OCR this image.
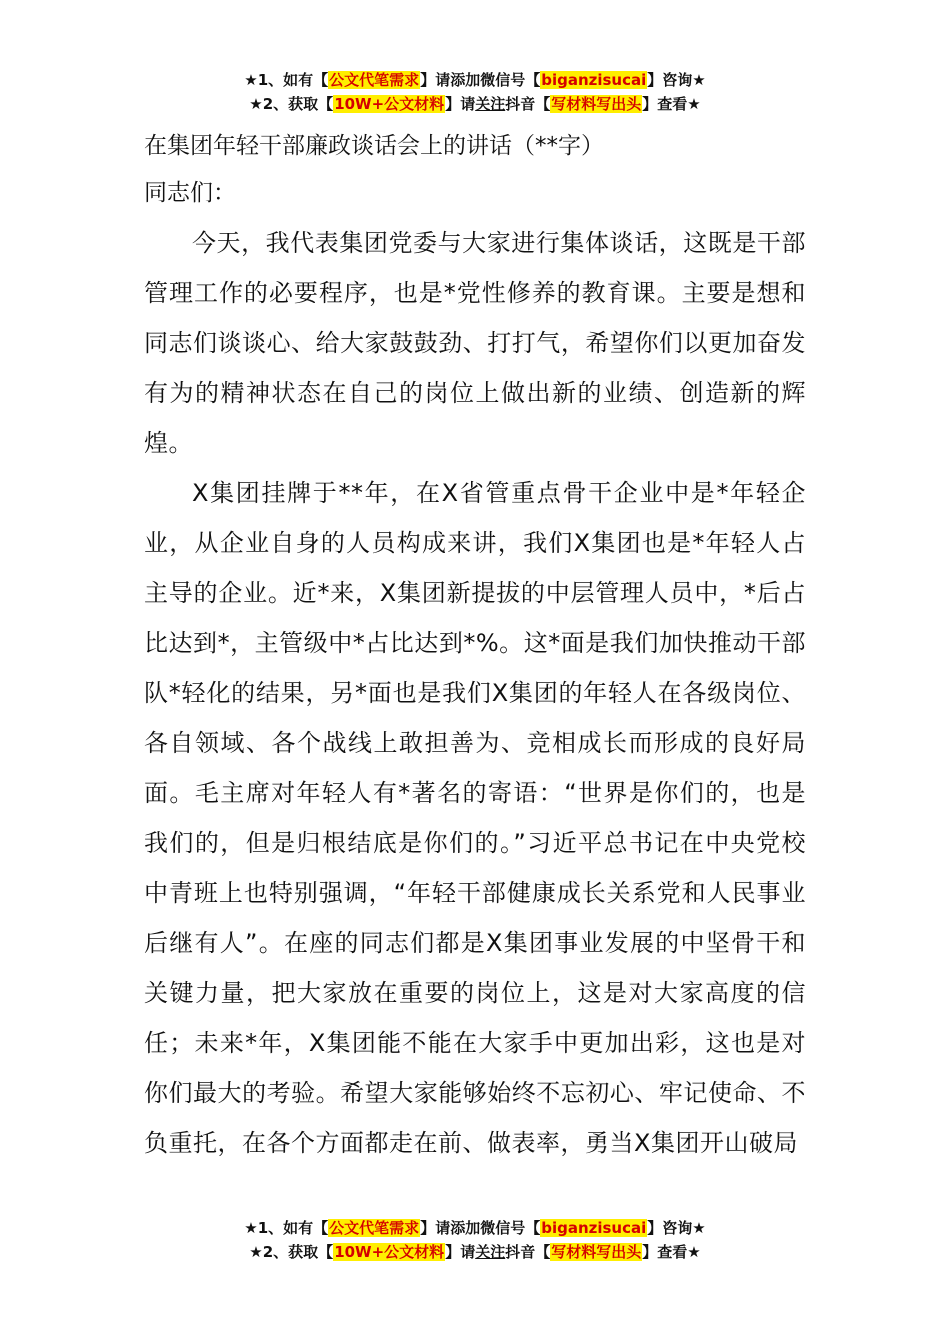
★1、如有【公文代笔需求】请添加微信号【biganzisucai】咨询★
★2、获取【10W+公文材料】请关注抖音【写材料写出头】查看★
在集团年轻干部廉政谈话会上的讲话（**字）
同志们：

今天，我代表集团党委与大家进行集体谈话，这既是干部管理工作的必要程序，也是*党性修养的教育课。主要是想和同志们谈谈心、给大家鼓鼓劲、打打气，希望你们以更加奋发有为的精神状态在自己的岗位上做出新的业绩、创造新的辉煌。

X集团挂牌于**年，在X省管重点骨干企业中是*年轻企业，从企业自身的人员构成来讲，我们X集团也是*年轻人占主导的企业。近*来，X集团新提拔的中层管理人员中，*后占比达到*，主管级中*占比达到*%。这*面是我们加快推动干部队*轻化的结果，另*面也是我们X集团的年轻人在各级岗位、各自领域、各个战线上敢担善为、竞相成长而形成的良好局面。毛主席对年轻人有*著名的寄语：“世界是你们的，也是我们的，但是归根结底是你们的。”习近平总书记在中央党校中青班上也特别强调，“年轻干部健康成长关系党和人民事业后继有人”。在座的同志们都是X集团事业发展的中坚骨干和关键力量，把大家放在重要的岗位上，这是对大家高度的信任；未来*年，X集团能不能在大家手中更加出彩，这也是对你们最大的考验。希望大家能够始终不忘初心、牢记使命、不负重托，在各个方面都走在前、做表率，勇当X集团开山破局

★1、如有【公文代笔需求】请添加微信号【biganzisucai】咨询★
★2、获取【10W+公文材料】请关注抖音【写材料写出头】查看★
